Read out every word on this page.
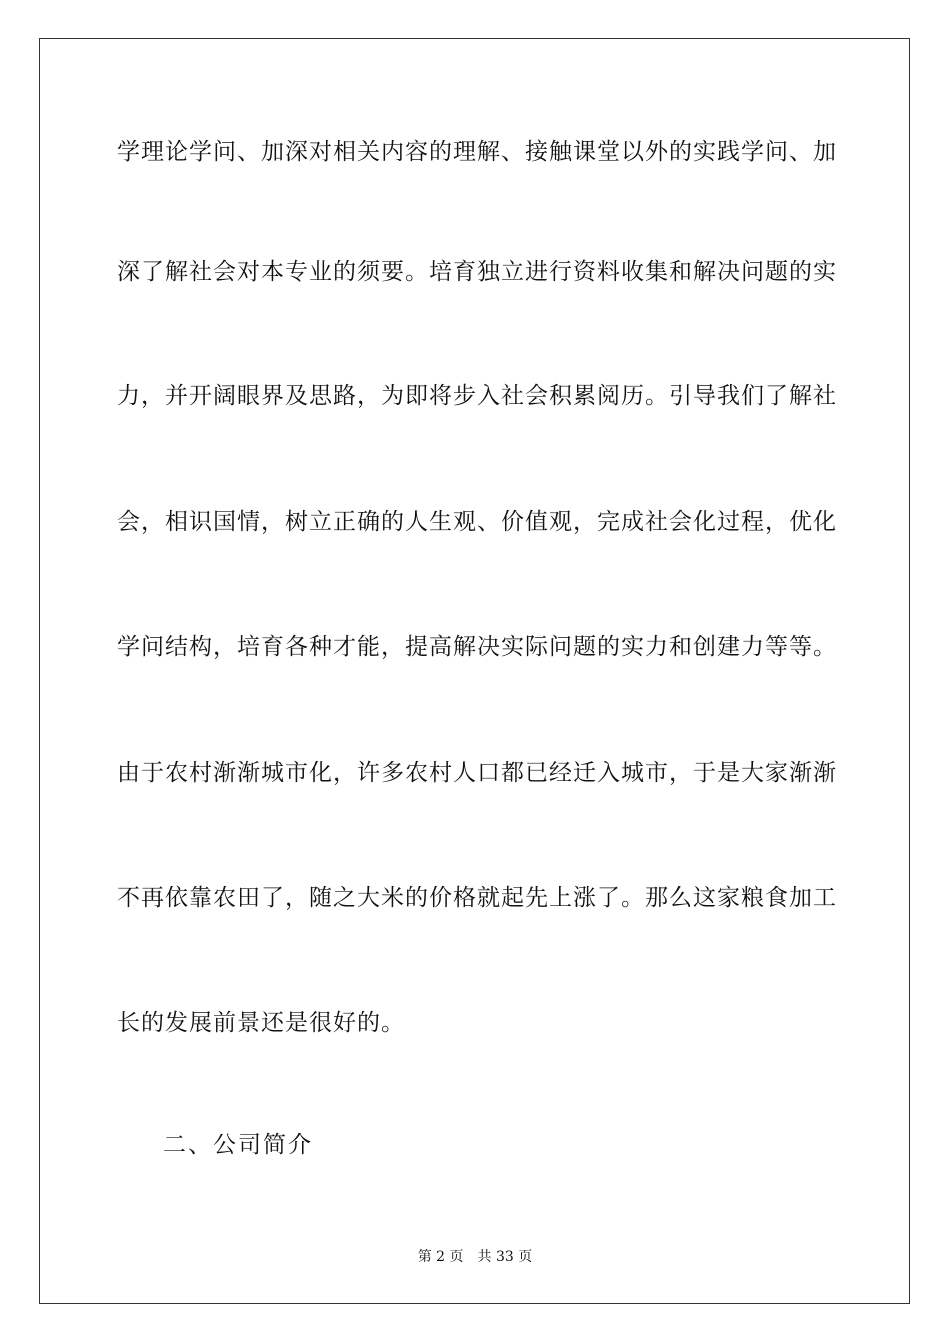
学理论学问、加深对相关内容的理解、接触课堂以外的实践学问、加
深了解社会对本专业的须要。培育独立进行资料收集和解决问题的实
力，并开阔眼界及思路，为即将步入社会积累阅历。引导我们了解社
会，相识国情，树立正确的人生观、价值观，完成社会化过程，优化
学问结构，培育各种才能，提高解决实际问题的实力和创建力等等。
由于农村渐渐城市化，许多农村人口都已经迁入城市，于是大家渐渐
不再依靠农田了，随之大米的价格就起先上涨了。那么这家粮食加工
长的发展前景还是很好的。
二、公司简介
第 2 页 共 33 页
